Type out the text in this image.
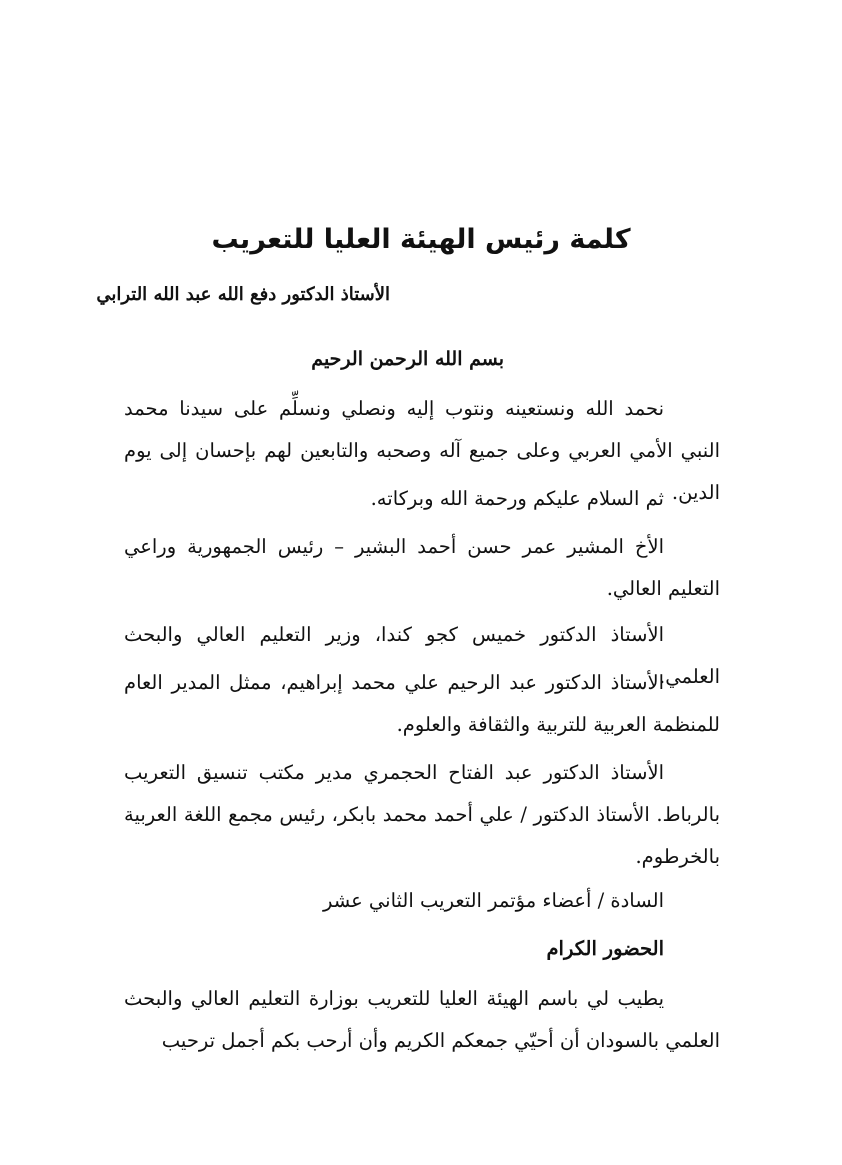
كلمة رئيس الهيئة العليا للتعريب
الأستاذ الدكتور دفع الله عبد الله الترابي
بسم الله الرحمن الرحيم

نحمد الله ونستعينه ونتوب إليه ونصلي ونسلِّم على سيدنا محمد النبي الأمي العربي وعلى جميع آله وصحبه والتابعين لهم بإحسان إلى يوم الدين.

ثم السلام عليكم ورحمة الله وبركاته.

الأخ المشير عمر حسن أحمد البشير – رئيس الجمهورية وراعي التعليم العالي.

الأستاذ الدكتور خميس كجو كندا، وزير التعليم العالي والبحث العلمي.

الأستاذ الدكتور عبد الرحيم علي محمد إبراهيم، ممثل المدير العام للمنظمة العربية للتربية والثقافة والعلوم.

الأستاذ الدكتور عبد الفتاح الحجمري مدير مكتب تنسيق التعريب بالرباط. الأستاذ الدكتور / علي أحمد محمد بابكر، رئيس مجمع اللغة العربية بالخرطوم.

السادة / أعضاء مؤتمر التعريب الثاني عشر

الحضور الكرام

يطيب لي باسم الهيئة العليا للتعريب بوزارة التعليم العالي والبحث العلمي بالسودان أن أحيّي جمعكم الكريم وأن أرحب بكم أجمل ترحيب
